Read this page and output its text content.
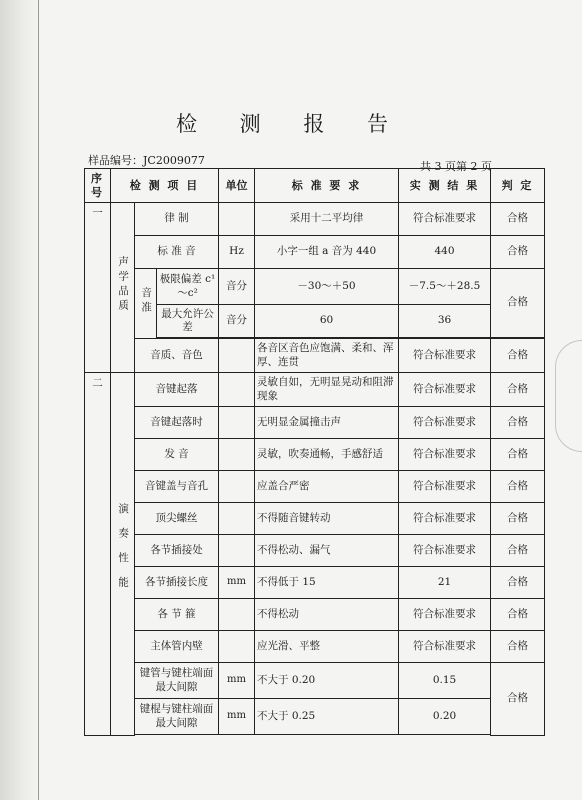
检 测 报 告
样品编号：JC2009077	共 3 页第 2 页
序号	检 测 项 目			单位	标 准 要 求	实 测 结 果	判 定
一	声学品质	律 制			采用十二平均律	符合标准要求	合格
		标 准 音		Hz	小字一组 a 音为 440	440	合格
		音准	极限偏差 c¹～c²	音分	－30～＋50	－7.5～＋28.5	合格
			最大允许公差	音分	60	36	

		音质、音色			各音区音色应饱满、柔和、浑厚、连贯	符合标准要求	合格
二	演奏性能	音键起落			灵敏自如，无明显晃动和阻滞现象	符合标准要求	合格
		音键起落时			无明显金属撞击声	符合标准要求	合格
		发 音			灵敏，吹奏通畅，手感舒适	符合标准要求	合格
		音键盖与音孔			应盖合严密	符合标准要求	合格
		顶尖螺丝			不得随音键转动	符合标准要求	合格
		各节插接处			不得松动、漏气	符合标准要求	合格
		各节插接长度		mm	不得低于 15	21	合格
		各 节 箍			不得松动	符合标准要求	合格
		主体管内壁			应光滑、平整	符合标准要求	合格
		键管与键柱端面最大间隙		mm	不大于 0.20	0.15	合格
		键棍与键柱端面最大间隙		mm	不大于 0.25	0.20	
